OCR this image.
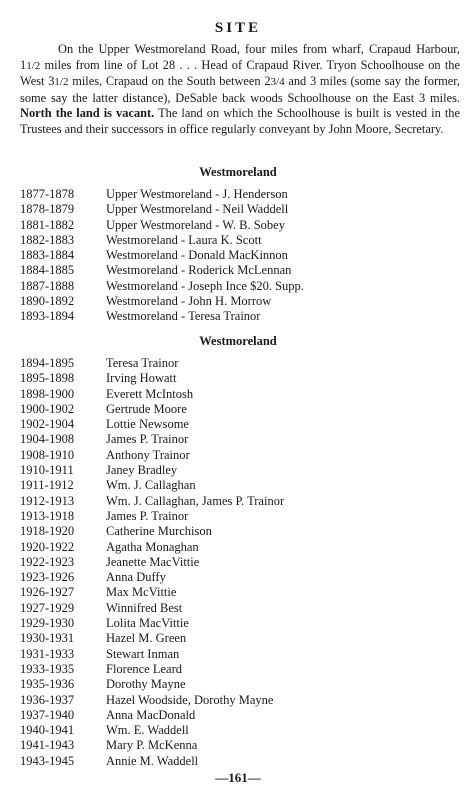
SITE

On the Upper Westmoreland Road, four miles from wharf, Crapaud Harbour, 11/2 miles from line of Lot 28 . . . Head of Crapaud River. Tryon Schoolhouse on the West 31/2 miles, Crapaud on the South between 23/4 and 3 miles (some say the former, some say the latter distance), DeSable back woods Schoolhouse on the East 3 miles. North the land is vacant. The land on which the Schoolhouse is built is vested in the Trustees and their successors in office regularly conveyant by John Moore, Secretary.

Westmoreland
1877-1878	Upper Westmoreland - J. Henderson
1878-1879	Upper Westmoreland - Neil Waddell
1881-1882	Upper Westmoreland - W. B. Sobey
1882-1883	Westmoreland - Laura K. Scott
1883-1884	Westmoreland - Donald MacKinnon
1884-1885	Westmoreland - Roderick McLennan
1887-1888	Westmoreland - Joseph Ince $20. Supp.
1890-1892	Westmoreland - John H. Morrow
1893-1894	Westmoreland - Teresa Trainor
Westmoreland
1894-1895	Teresa Trainor
1895-1898	Irving Howatt
1898-1900	Everett McIntosh
1900-1902	Gertrude Moore
1902-1904	Lottie Newsome
1904-1908	James P. Trainor
1908-1910	Anthony Trainor
1910-1911	Janey Bradley
1911-1912	Wm. J. Callaghan
1912-1913	Wm. J. Callaghan, James P. Trainor
1913-1918	James P. Trainor
1918-1920	Catherine Murchison
1920-1922	Agatha Monaghan
1922-1923	Jeanette MacVittie
1923-1926	Anna Duffy
1926-1927	Max McVittie
1927-1929	Winnifred Best
1929-1930	Lolita MacVittie
1930-1931	Hazel M. Green
1931-1933	Stewart Inman
1933-1935	Florence Leard
1935-1936	Dorothy Mayne
1936-1937	Hazel Woodside, Dorothy Mayne
1937-1940	Anna MacDonald
1940-1941	Wm. E. Waddell
1941-1943	Mary P. McKenna
1943-1945	Annie M. Waddell
—161—
